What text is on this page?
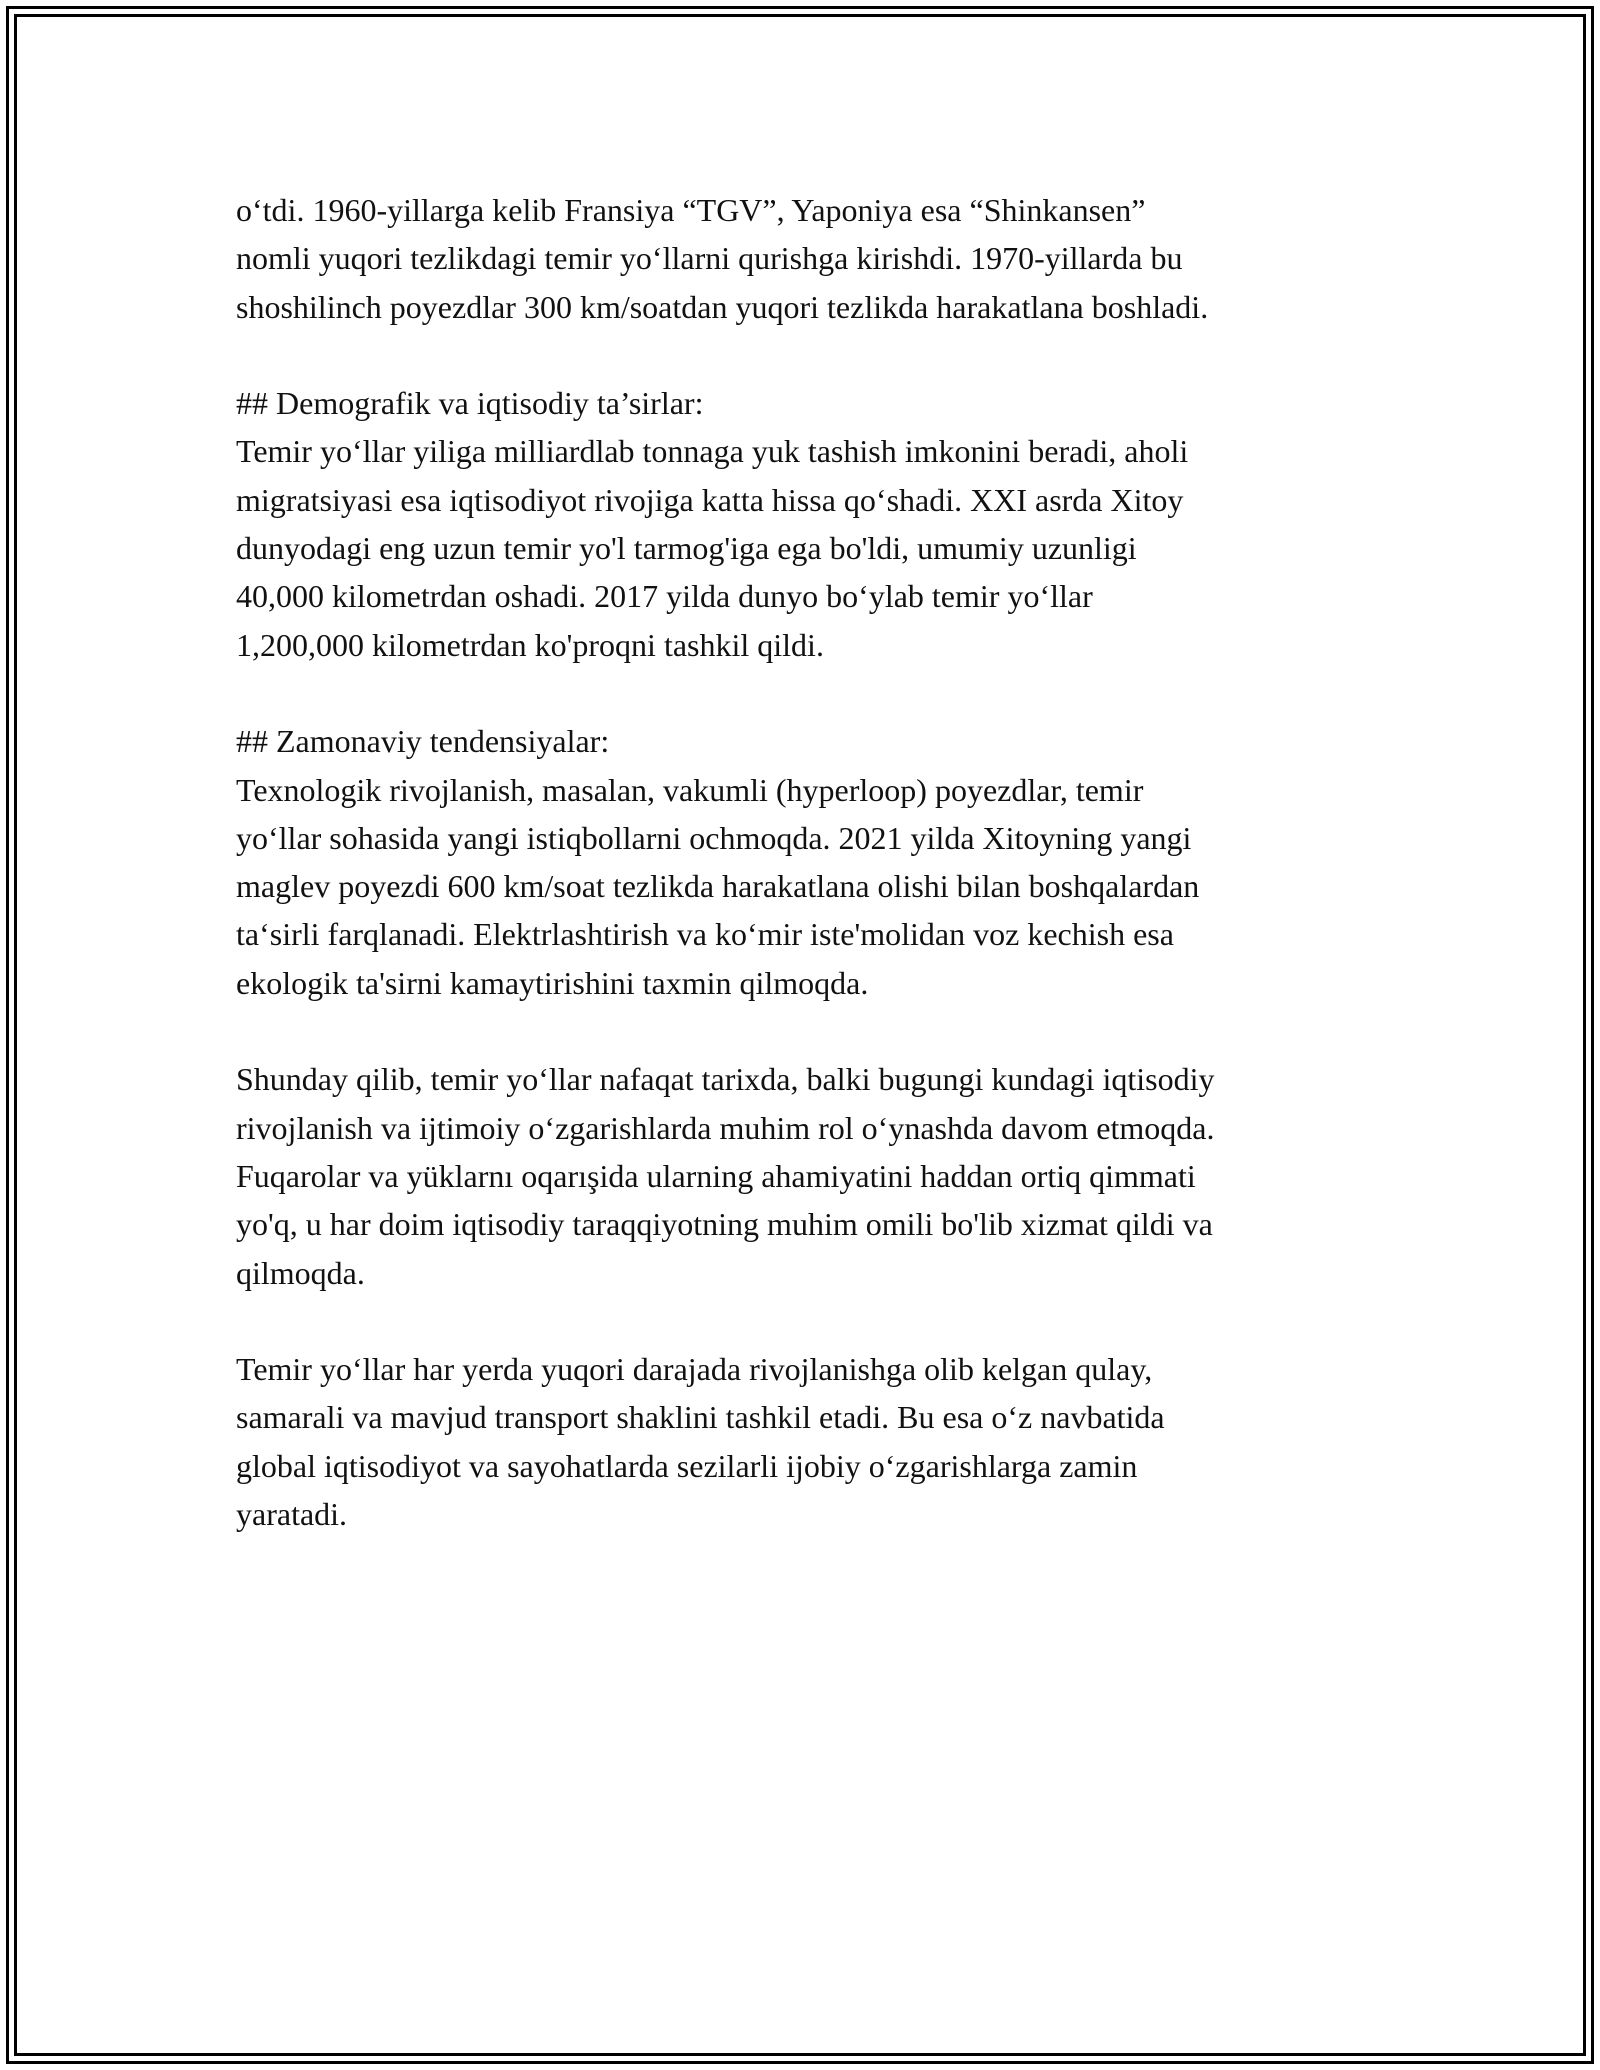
o‘tdi. 1960-yillarga kelib Fransiya “TGV”, Yaponiya esa “Shinkansen”
nomli yuqori tezlikdagi temir yo‘llarni qurishga kirishdi. 1970-yillarda bu
shoshilinch poyezdlar 300 km/soatdan yuqori tezlikda harakatlana boshladi.

## Demografik va iqtisodiy ta’sirlar:
Temir yo‘llar yiliga milliardlab tonnaga yuk tashish imkonini beradi, aholi
migratsiyasi esa iqtisodiyot rivojiga katta hissa qo‘shadi. XXI asrda Xitoy
dunyodagi eng uzun temir yo'l tarmog'iga ega bo'ldi, umumiy uzunligi
40,000 kilometrdan oshadi. 2017 yilda dunyo bo‘ylab temir yo‘llar
1,200,000 kilometrdan ko'proqni tashkil qildi.

## Zamonaviy tendensiyalar:
Texnologik rivojlanish, masalan, vakumli (hyperloop) poyezdlar, temir
yo‘llar sohasida yangi istiqbollarni ochmoqda. 2021 yilda Xitoyning yangi
maglev poyezdi 600 km/soat tezlikda harakatlana olishi bilan boshqalardan
ta‘sirli farqlanadi. Elektrlashtirish va ko‘mir iste'molidan voz kechish esa
ekologik ta'sirni kamaytirishini taxmin qilmoqda.

Shunday qilib, temir yo‘llar nafaqat tarixda, balki bugungi kundagi iqtisodiy
rivojlanish va ijtimoiy o‘zgarishlarda muhim rol o‘ynashda davom etmoqda.
Fuqarolar va yüklarnı oqarışida ularning ahamiyatini haddan ortiq qimmati
yo'q, u har doim iqtisodiy taraqqiyotning muhim omili bo'lib xizmat qildi va
qilmoqda.

Temir yo‘llar har yerda yuqori darajada rivojlanishga olib kelgan qulay,
samarali va mavjud transport shaklini tashkil etadi. Bu esa o‘z navbatida
global iqtisodiyot va sayohatlarda sezilarli ijobiy o‘zgarishlarga zamin
yaratadi.
